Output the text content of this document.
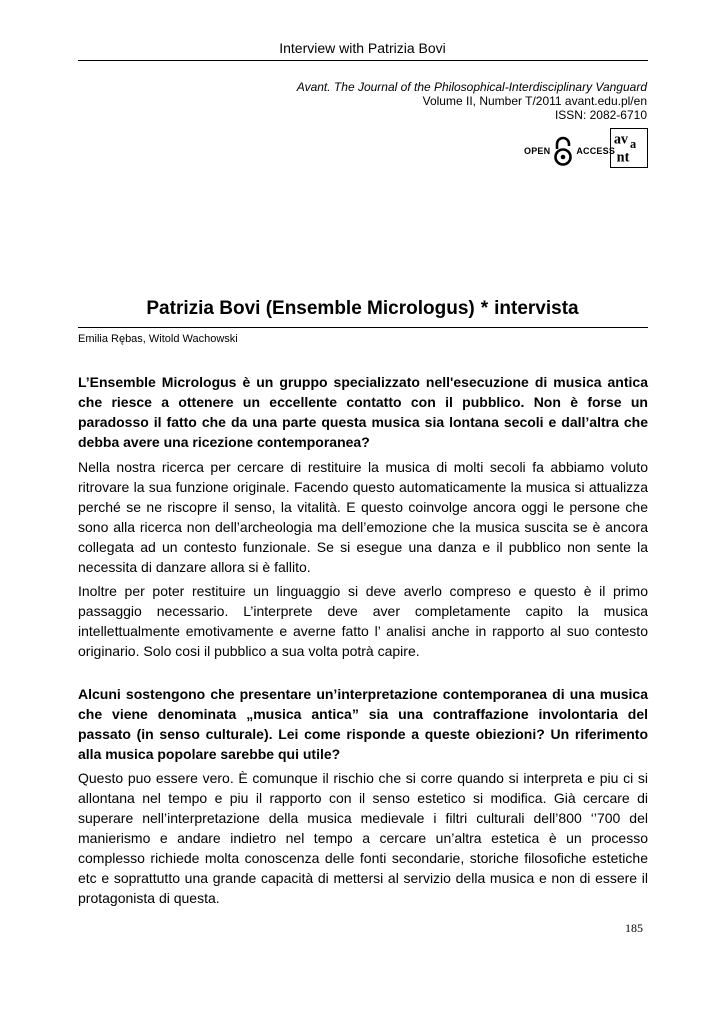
Interview with Patrizia Bovi
Avant. The Journal of the Philosophical-Interdisciplinary Vanguard
Volume II, Number T/2011 avant.edu.pl/en
ISSN: 2082-6710
OPEN	ACCESS
av a
nt
Patrizia Bovi (Ensemble Micrologus) * intervista
Emilia Rębas, Witold Wachowski

L’Ensemble Micrologus è un gruppo specializzato nell'esecuzione di musica antica che riesce a ottenere un eccellente contatto con il pubblico. Non è forse un paradosso il fatto che da una parte questa musica sia lontana secoli e dall’altra che debba avere una ricezione contemporanea?

Nella nostra ricerca per cercare di restituire la musica di molti secoli fa abbiamo voluto ritrovare la sua funzione originale. Facendo questo automaticamente la musica si attualizza perché se ne riscopre il senso, la vitalità. E questo coinvolge ancora oggi le persone che sono alla ricerca non dell’archeologia ma dell’emozione che la musica suscita se è ancora collegata ad un contesto funzionale. Se si esegue una danza e il pubblico non sente la necessita di danzare allora si è fallito.

Inoltre per poter restituire un linguaggio si deve averlo compreso e questo è il primo passaggio necessario. L’interprete deve aver completamente capito la musica intellettualmente emotivamente e averne fatto l’ analisi anche in rapporto al suo contesto originario. Solo cosi il pubblico a sua volta potrà capire.

Alcuni sostengono che presentare un’interpretazione contemporanea di una musica che viene denominata „musica antica” sia una contraffazione involontaria del passato (in senso culturale). Lei come risponde a queste obiezioni? Un riferimento alla musica popolare sarebbe qui utile?

Questo puo essere vero. È comunque il rischio che si corre quando si interpreta e piu ci si allontana nel tempo e piu il rapporto con il senso estetico si modifica. Già cercare di superare nell’interpretazione della musica medievale i filtri culturali dell’800 ‘’700 del manierismo e andare indietro nel tempo a cercare un’altra estetica è un processo complesso richiede molta conoscenza delle fonti secondarie, storiche filosofiche estetiche etc e soprattutto una grande capacità di mettersi al servizio della musica e non di essere il protagonista di questa.

185
